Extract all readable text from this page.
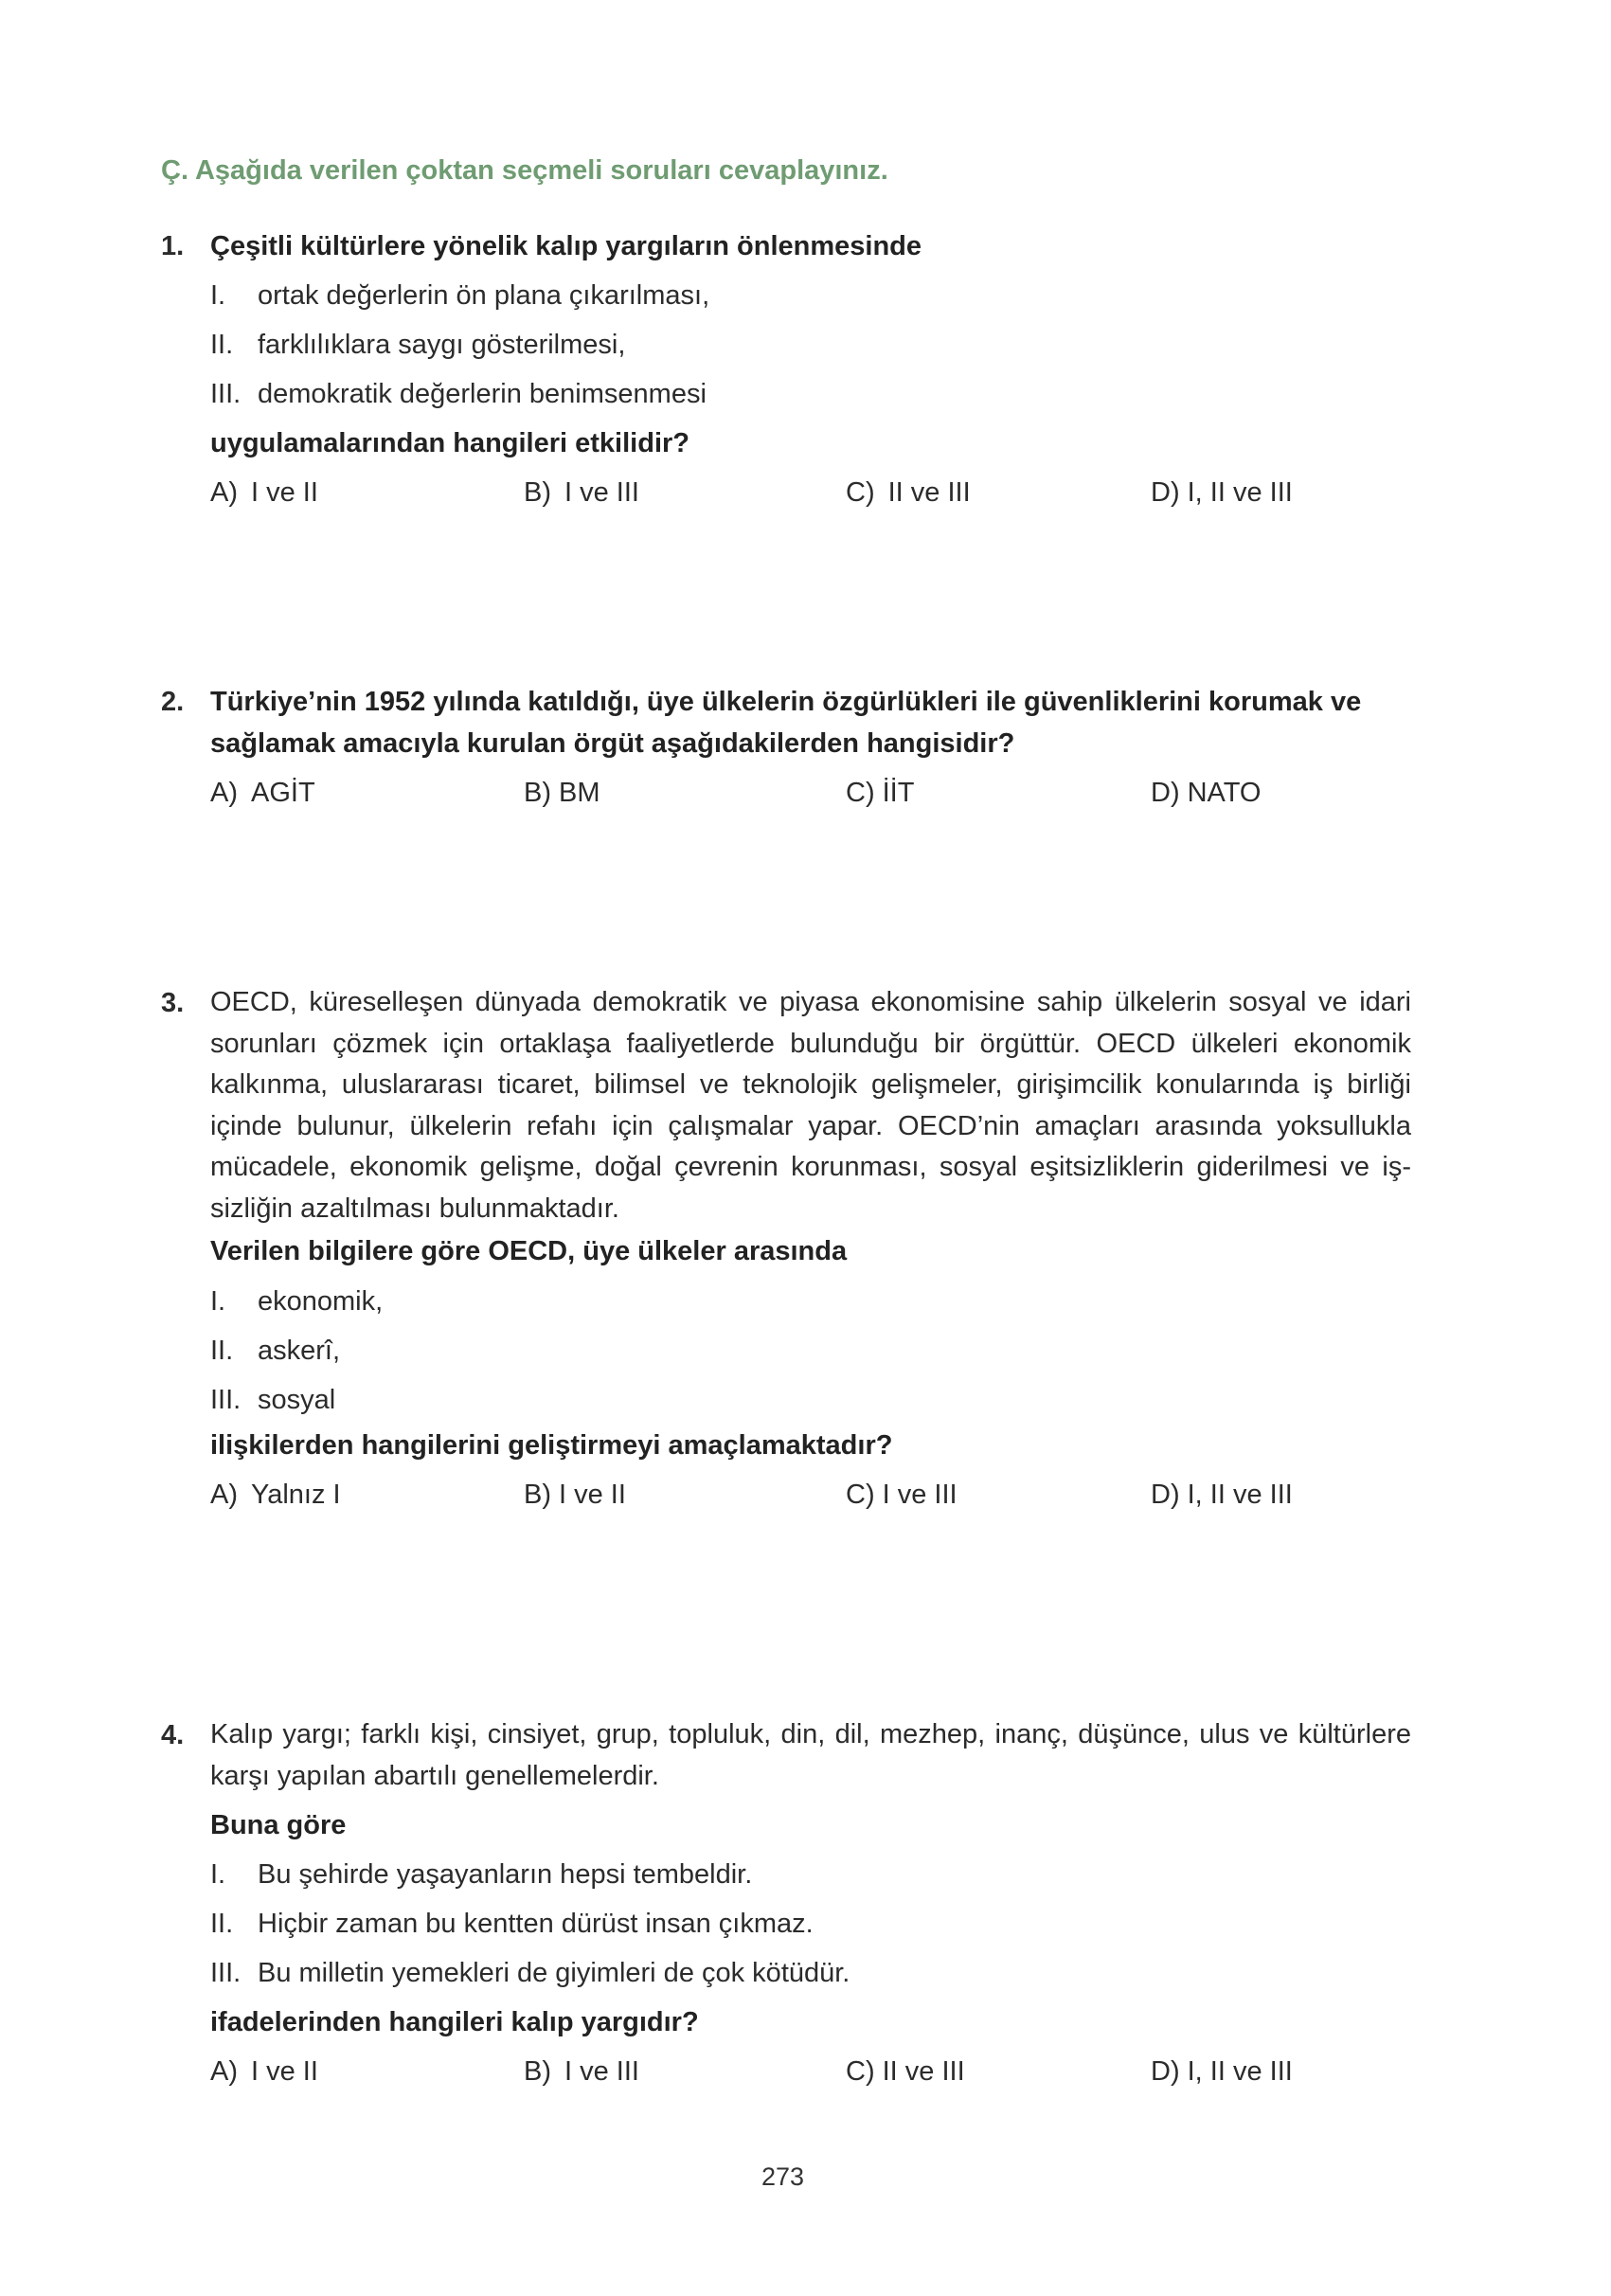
Ç. Aşağıda verilen çoktan seçmeli soruları cevaplayınız.
1. Çeşitli kültürlere yönelik kalıp yargıların önlenmesinde
I. ortak değerlerin ön plana çıkarılması,
II. farklılıklara saygı gösterilmesi,
III. demokratik değerlerin benimsenmesi
uygulamalarından hangileri etkilidir?
A) I ve II	B) I ve III	C) II ve III	D) I, II ve III
2. Türkiye’nin 1952 yılında katıldığı, üye ülkelerin özgürlükleri ile güvenliklerini korumak ve
sağlamak amacıyla kurulan örgüt aşağıdakilerden hangisidir?
A) AGİT	B) BM	C) İİT	D) NATO
3. OECD, küreselleşen dünyada demokratik ve piyasa ekonomisine sahip ülkelerin sosyal ve idari sorunları çözmek için ortaklaşa faaliyetlerde bulunduğu bir örgüttür. OECD ülkeleri ekonomik kalkınma, uluslararası ticaret, bilimsel ve teknolojik gelişmeler, girişimcilik konularında iş birliği içinde bulunur, ülkelerin refahı için çalışmalar yapar. OECD’nin amaçları arasında yoksullukla mücadele, ekonomik gelişme, doğal çevrenin korunması, sosyal eşitsizliklerin giderilmesi ve işsizliğin azaltılması bulunmaktadır.
Verilen bilgilere göre OECD, üye ülkeler arasında
I. ekonomik,
II. askerî,
III. sosyal
ilişkilerden hangilerini geliştirmeyi amaçlamaktadır?
A) Yalnız I	B) I ve II	C) I ve III	D) I, II ve III
4. Kalıp yargı; farklı kişi, cinsiyet, grup, topluluk, din, dil, mezhep, inanç, düşünce, ulus ve kültürlere karşı yapılan abartılı genellemelerdir.
Buna göre
I. Bu şehirde yaşayanların hepsi tembeldir.
II. Hiçbir zaman bu kentten dürüst insan çıkmaz.
III. Bu milletin yemekleri de giyimleri de çok kötüdür.
ifadelerinden hangileri kalıp yargıdır?
A) I ve II	B) I ve III	C) II ve III	D) I, II ve III
273
